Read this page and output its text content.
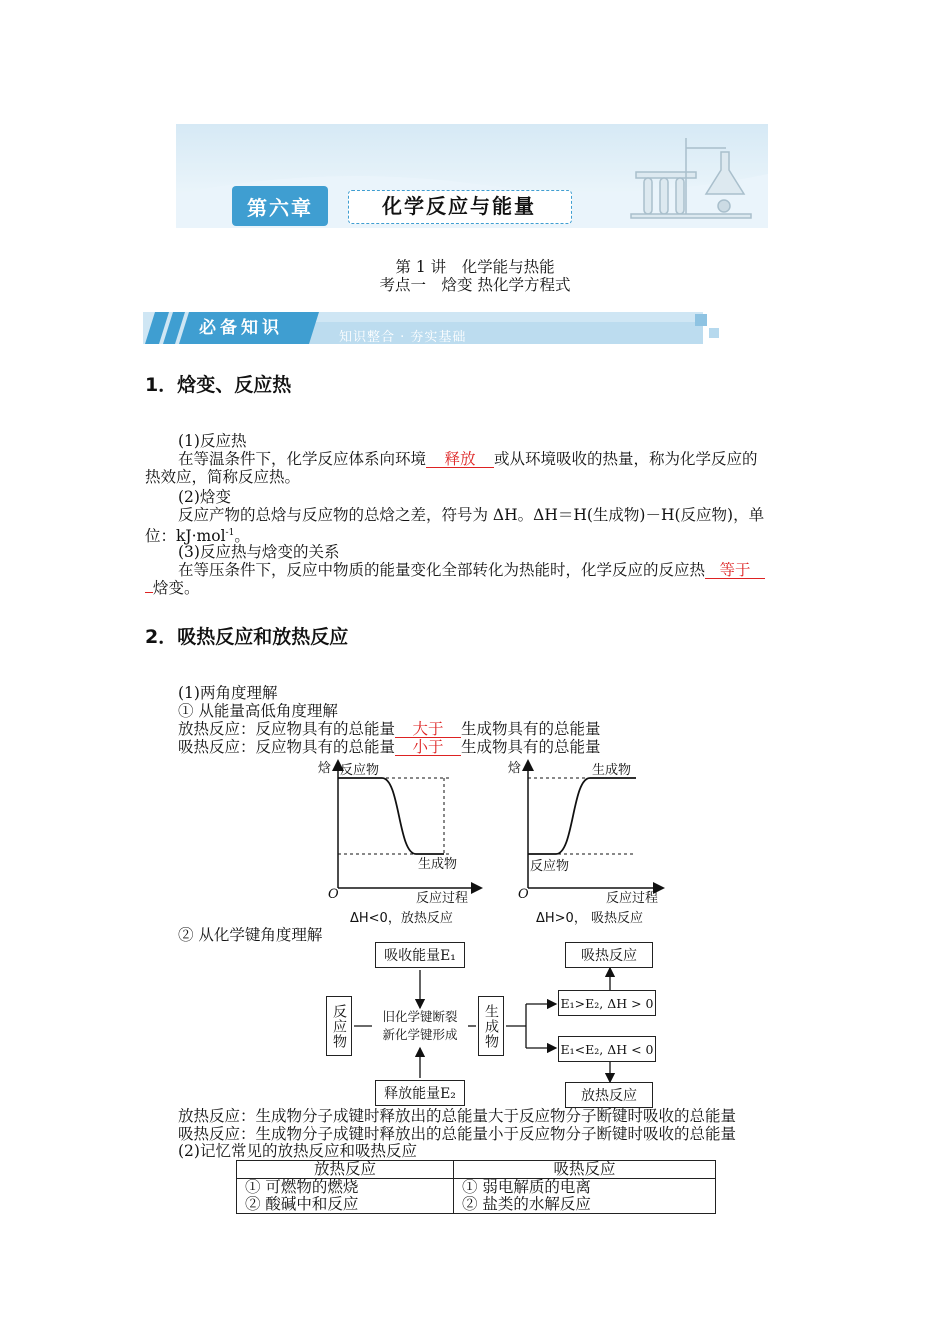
第六章	化学反应与能量
第 1 讲　化学能与热能
考点一　焓变 热化学方程式
必备知识	知识整合 · 夯实基础
1．焓变、反应热
(1)反应热
在等温条件下，化学反应体系向环境 释放 或从环境吸收的热量，称为化学反应的
热效应，简称反应热。
(2)焓变
反应产物的总焓与反应物的总焓之差，符号为 ΔH。ΔH＝H(生成物)－H(反应物)，单
位：kJ·mol$^{-1}$。
(3)反应热与焓变的关系
在等压条件下，反应中物质的能量变化全部转化为热能时，化学反应的反应热 等于
焓变。
2．吸热反应和放热反应
(1)两角度理解
① 从能量高低角度理解
放热反应：反应物具有的总能量 大于 生成物具有的总能量
吸热反应：反应物具有的总能量 小于 生成物具有的总能量
焓 反应物
生成物
O	反应过程
ΔH<0，放热反应
焓	生成物
反应物
O	反应过程
ΔH>0， 吸热反应
② 从化学键角度理解
吸收能量E₁
释放能量E₂
反应物	旧化学键断裂
新化学键形成	生成物
E₁>E₂, ΔH > 0
E₁<E₂, ΔH < 0
吸热反应
放热反应
放热反应：生成物分子成键时释放出的总能量大于反应物分子断键时吸收的总能量
吸热反应：生成物分子成键时释放出的总能量小于反应物分子断键时吸收的总能量
(2)记忆常见的放热反应和吸热反应
放热反应	吸热反应
① 可燃物的燃烧	① 弱电解质的电离
② 酸碱中和反应	② 盐类的水解反应
